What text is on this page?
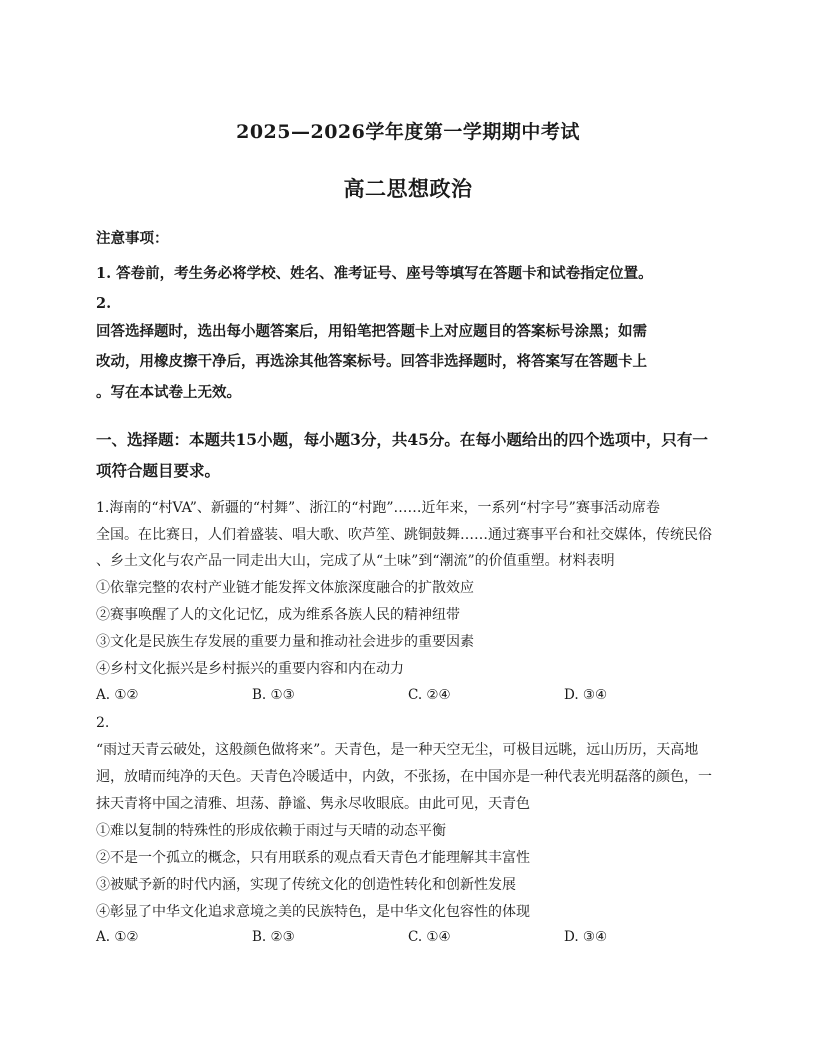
2025—2026学年度第一学期期中考试
高二思想政治
注意事项：
1. 答卷前，考生务必将学校、姓名、准考证号、座号等填写在答题卡和试卷指定位置。
2.
回答选择题时，选出每小题答案后，用铅笔把答题卡上对应题目的答案标号涂黑；如需
改动，用橡皮擦干净后，再选涂其他答案标号。回答非选择题时，将答案写在答题卡上
。写在本试卷上无效。
一、选择题：本题共15小题，每小题3分，共45分。在每小题给出的四个选项中，只有一
项符合题目要求。
1.海南的“村VA”、新疆的“村舞”、浙江的“村跑”……近年来，一系列“村字号”赛事活动席卷
全国。在比赛日，人们着盛装、唱大歌、吹芦笙、跳铜鼓舞……通过赛事平台和社交媒体，传统民俗
、乡土文化与农产品一同走出大山，完成了从“土味”到“潮流”的价值重塑。材料表明
①依靠完整的农村产业链才能发挥文体旅深度融合的扩散效应
②赛事唤醒了人的文化记忆，成为维系各族人民的精神纽带
③文化是民族生存发展的重要力量和推动社会进步的重要因素
④乡村文化振兴是乡村振兴的重要内容和内在动力
A. ①②	B. ①③	C. ②④	D. ③④
2.
“雨过天青云破处，这般颜色做将来”。天青色，是一种天空无尘，可极目远眺，远山历历，天高地
迥，放晴而纯净的天色。天青色冷暖适中，内敛，不张扬，在中国亦是一种代表光明磊落的颜色，一
抹天青将中国之清雅、坦荡、静谧、隽永尽收眼底。由此可见，天青色
①难以复制的特殊性的形成依赖于雨过与天晴的动态平衡
②不是一个孤立的概念，只有用联系的观点看天青色才能理解其丰富性
③被赋予新的时代内涵，实现了传统文化的创造性转化和创新性发展
④彰显了中华文化追求意境之美的民族特色，是中华文化包容性的体现
A. ①②	B. ②③	C. ①④	D. ③④
